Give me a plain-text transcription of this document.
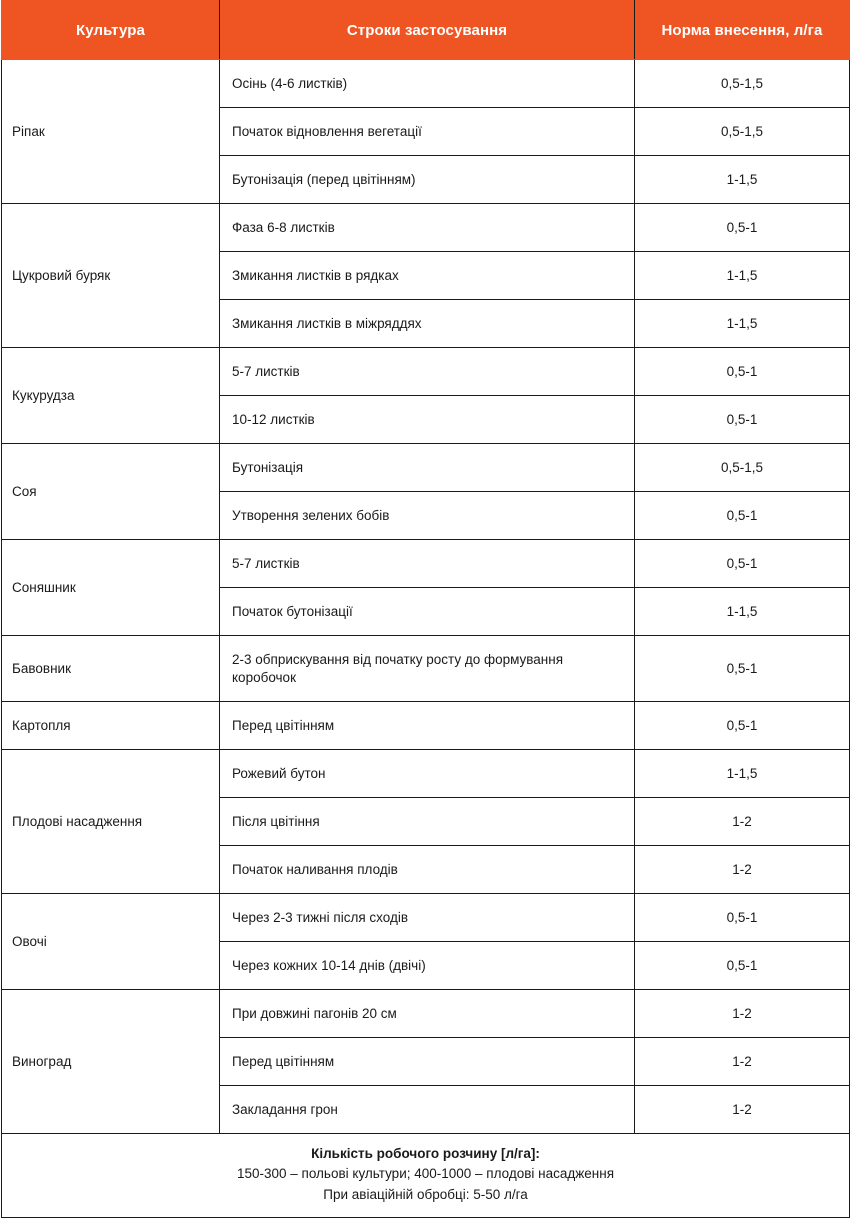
Культура	Строки застосування	Норма внесення, л/га
Ріпак	Осінь (4-6 листків)	0,5-1,5
	Початок відновлення вегетації	0,5-1,5
	Бутонізація (перед цвітінням)	1-1,5
Цукровий буряк	Фаза 6-8 листків	0,5-1
	Змикання листків в рядках	1-1,5
	Змикання листків в міжряддях	1-1,5
Кукурудза	5-7 листків	0,5-1
	10-12 листків	0,5-1
Соя	Бутонізація	0,5-1,5
	Утворення зелених бобів	0,5-1
Соняшник	5-7 листків	0,5-1
	Початок бутонізації	1-1,5
Бавовник	2-3 обприскування від початку росту до формування коробочок	0,5-1
Картопля	Перед цвітінням	0,5-1
Плодові насадження	Рожевий бутон	1-1,5
	Після цвітіння	1-2
	Початок наливання плодів	1-2
Овочі	Через 2-3 тижні після сходів	0,5-1
	Через кожних 10-14 днів (двічі)	0,5-1
Виноград	При довжині пагонів 20 см	1-2
	Перед цвітінням	1-2
	Закладання грон	1-2

Кількість робочого розчину [л/га]:
150-300 – польові культури; 400-1000 – плодові насадження
При авіаційній обробці: 5-50 л/га		
